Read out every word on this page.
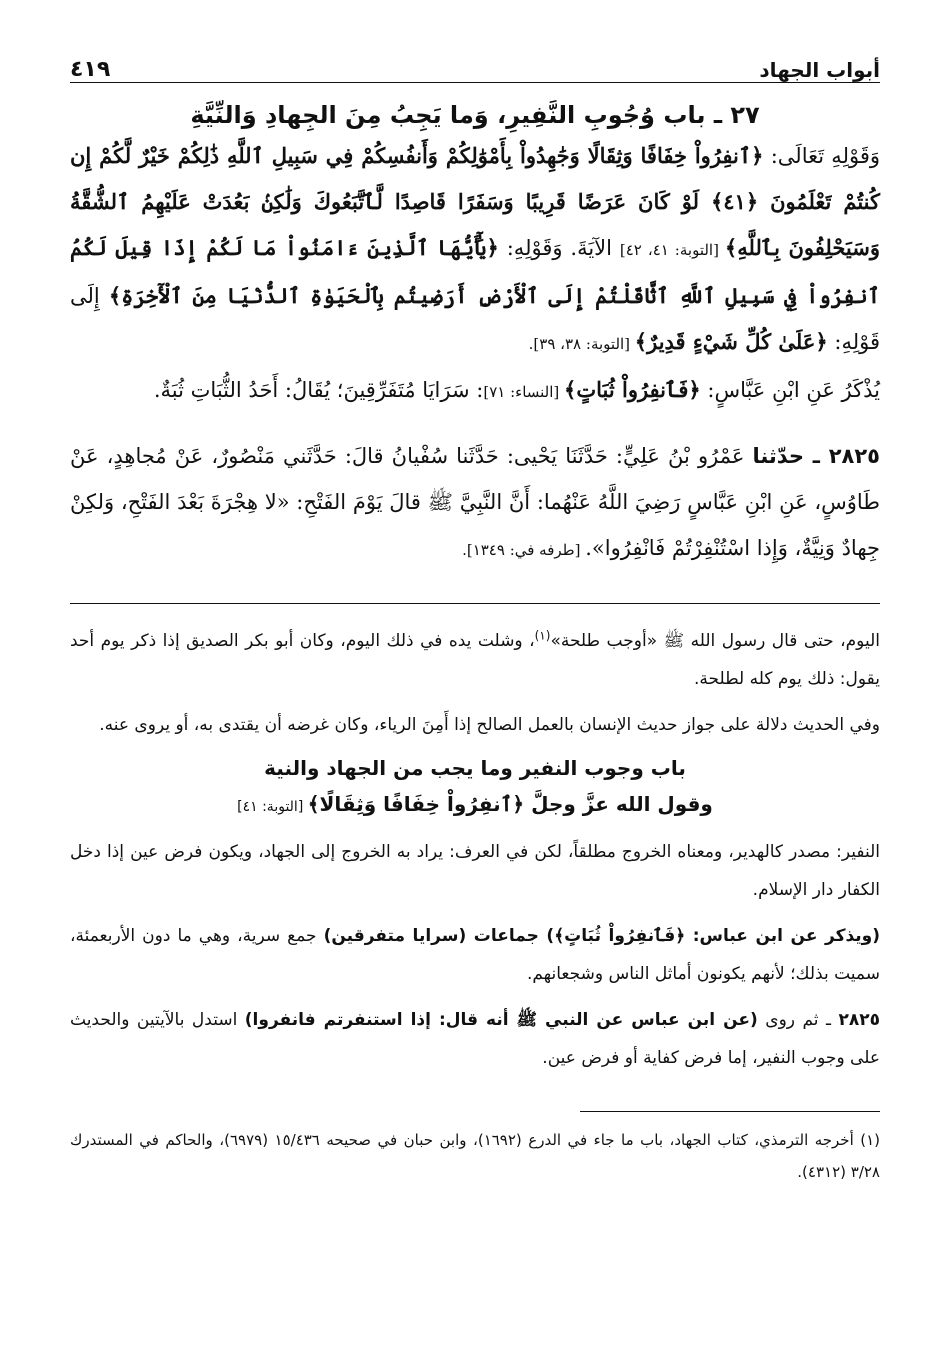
أبواب الجهاد
٤١٩
٢٧ ـ باب وُجُوبِ النَّفِيرِ، وَما يَجِبُ مِنَ الجِهادِ وَالنِّيَّةِ

وَقَوْلِهِ تَعَالَى: ﴿ٱنفِرُواْ خِفَافًا وَثِقَالًا وَجَٰهِدُواْ بِأَمْوَٰلِكُمْ وَأَنفُسِكُمْ فِي سَبِيلِ ٱللَّهِ ذَٰلِكُمْ خَيْرٌ لَّكُمْ إِن كُنتُمْ تَعْلَمُونَ ﴿٤١﴾ لَوْ كَانَ عَرَضًا قَرِيبًا وَسَفَرًا قَاصِدًا لَّٱتَّبَعُوكَ وَلَٰكِنۢ بَعُدَتْ عَلَيْهِمُ ٱلشُّقَّةُ وَسَيَحْلِفُونَ بِٱللَّهِ﴾ [التوبة: ٤١، ٤٢] الآيَةَ. وَقَوْلِهِ: ﴿يَٰٓأَيُّهَا ٱلَّذِينَ ءَامَنُواْ مَا لَكُمْ إِذَا قِيلَ لَكُمُ ٱنفِرُواْ فِي سَبِيلِ ٱللَّهِ ٱثَّاقَلْتُمْ إِلَى ٱلْأَرْضِ أَرَضِيتُم بِٱلْحَيَوٰةِ ٱلدُّنْيَا مِنَ ٱلْأٓخِرَةِ﴾ إِلَى قَوْلِهِ: ﴿عَلَىٰ كُلِّ شَيْءٍ قَدِيرٌ﴾ [التوبة: ٣٨، ٣٩].

يُذْكَرُ عَنِ ابْنِ عَبَّاسٍ: ﴿فَٱنفِرُواْ ثُبَاتٍ﴾ [النساء: ٧١]: سَرَايَا مُتَفَرِّقِينَ؛ يُقَالُ: أَحَدُ الثُّبَاتِ ثُبَةٌ.

٢٨٢٥ ـ حدّثنا عَمْرُو بْنُ عَلِيٍّ: حَدَّثَنَا يَحْيى: حَدَّثَنا سُفْيانُ قالَ: حَدَّثَني مَنْصُورٌ، عَنْ مُجاهِدٍ، عَنْ طَاوُسٍ، عَنِ ابْنِ عَبَّاسٍ رَضِيَ اللَّهُ عَنْهُما: أَنَّ النَّبِيَّ ﷺ قالَ يَوْمَ الفَتْحِ: «لا هِجْرَةَ بَعْدَ الفَتْحِ، وَلكِنْ جِهادٌ وَنِيَّةٌ، وَإِذا اسْتُنْفِرْتُمْ فَانْفِرُوا». [طرفه في: ١٣٤٩].

اليوم، حتى قال رسول الله ﷺ «أوجب طلحة»$^{(١)}$، وشلت يده في ذلك اليوم، وكان أبو بكر الصديق إذا ذكر يوم أحد يقول: ذلك يوم كله لطلحة.

وفي الحديث دلالة على جواز حديث الإنسان بالعمل الصالح إذا أَمِنَ الرياء، وكان غرضه أن يقتدى به، أو يروى عنه.

باب وجوب النفير وما يجب من الجهاد والنية
وقول الله عزَّ وجلَّ ﴿ٱنفِرُواْ خِفَافًا وَثِقَالًا﴾ [التوبة: ٤١]

النفير: مصدر كالهدير، ومعناه الخروج مطلقاً، لكن في العرف: يراد به الخروج إلى الجهاد، ويكون فرض عين إذا دخل الكفار دار الإسلام.

(ويذكر عن ابن عباس: ﴿فَٱنفِرُواْ ثُبَاتٍ﴾) جماعات (سرايا متفرقين) جمع سرية، وهي ما دون الأربعمئة، سميت بذلك؛ لأنهم يكونون أماثل الناس وشجعانهم.

٢٨٢٥ ـ ثم روى (عن ابن عباس عن النبي ﷺ أنه قال: إذا استنفرتم فانفروا) استدل بالآيتين والحديث على وجوب النفير، إما فرض كفاية أو فرض عين.

(١) أخرجه الترمذي، كتاب الجهاد، باب ما جاء في الدرع (١٦٩٢)، وابن حبان في صحيحه ١٥/٤٣٦ (٦٩٧٩)، والحاكم في المستدرك ٣/٢٨ (٤٣١٢).
